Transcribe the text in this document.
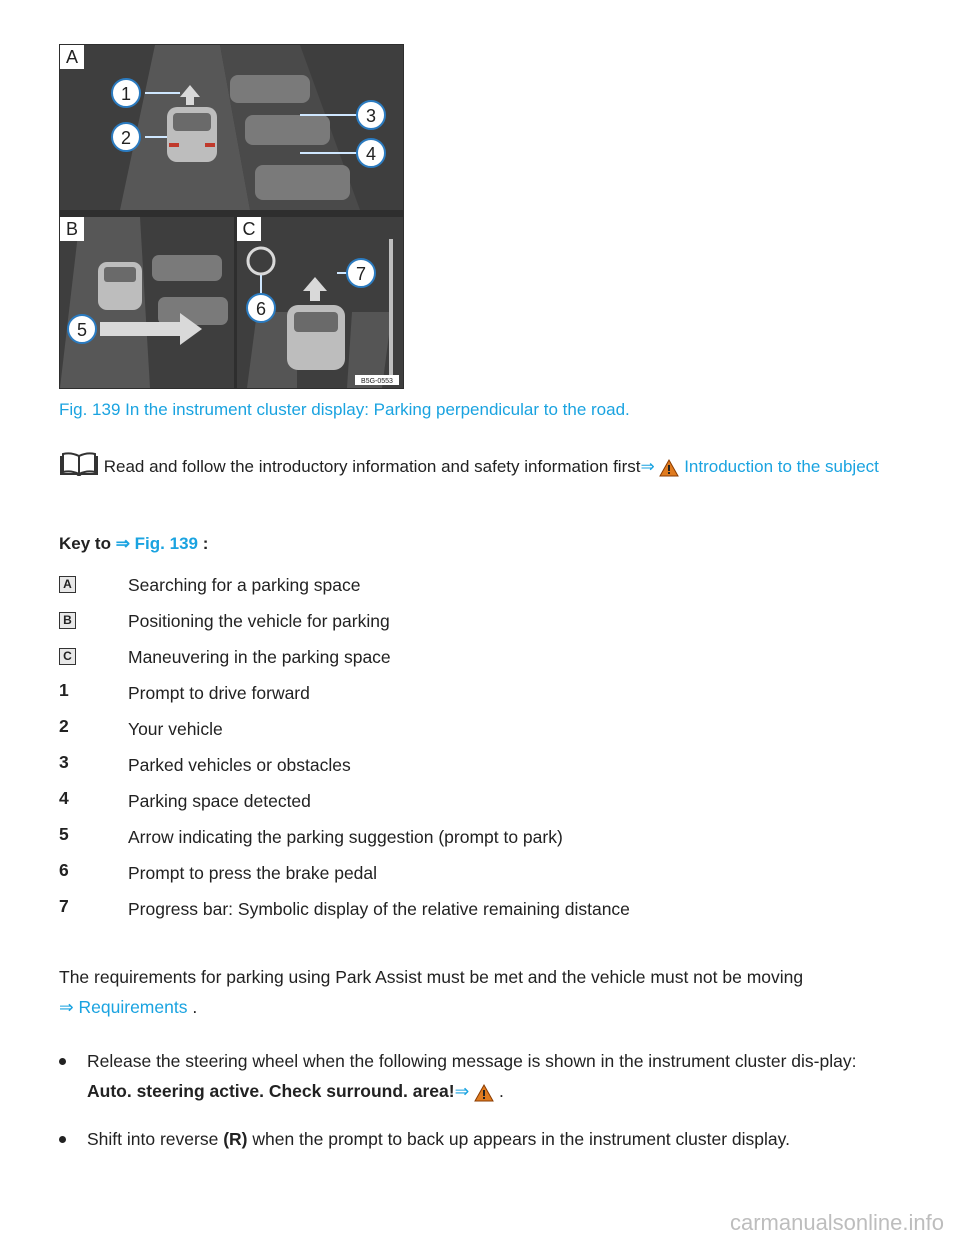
1
2
3
4
A
5
B
6
7
B5G-0553
C
Fig. 139 In the instrument cluster display: Parking perpendicular to the road.
Read and follow the introductory information and safety information first⇒ Introduction to the subject
Key to ⇒ Fig. 139 :
A	Searching for a parking space
B	Positioning the vehicle for parking
C	Maneuvering in the parking space
1	Prompt to drive forward
2	Your vehicle
3	Parked vehicles or obstacles
4	Parking space detected
5	Arrow indicating the parking suggestion (prompt to park)
6	Prompt to press the brake pedal
7	Progress bar: Symbolic display of the relative remaining distance
The requirements for parking using Park Assist must be met and the vehicle must not be moving
⇒ Requirements .
Release the steering wheel when the following message is shown in the instrument cluster dis-play: Auto. steering active. Check surround. area!⇒ .
Shift into reverse (R) when the prompt to back up appears in the instrument cluster display.
carmanualsonline.info
